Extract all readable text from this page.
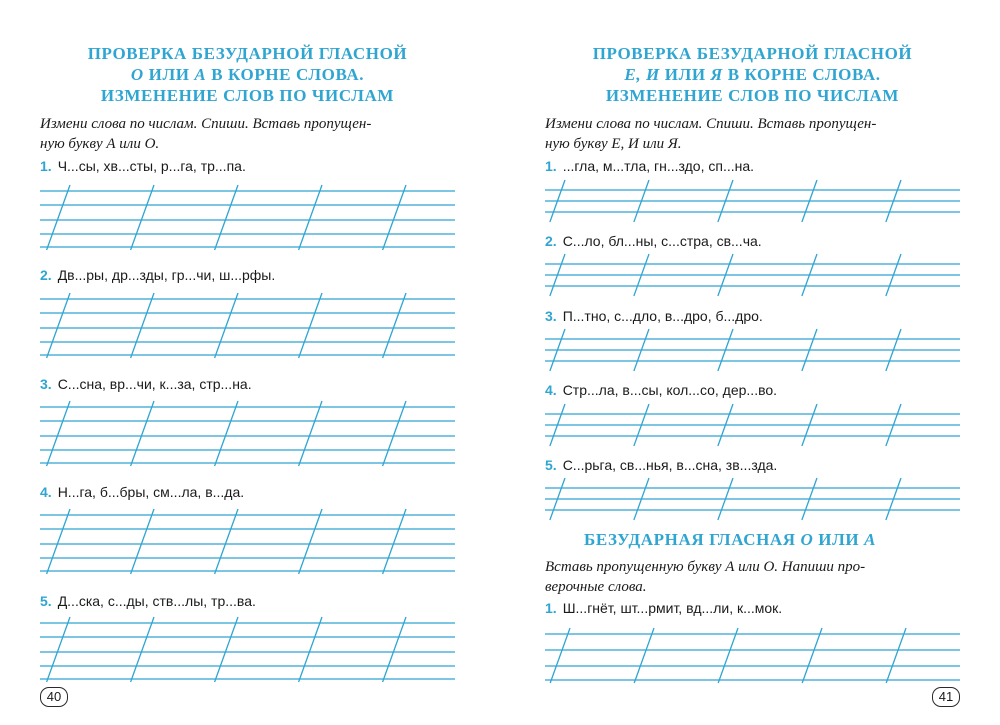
ПРОВЕРКА БЕЗУДАРНОЙ ГЛАСНОЙ
О ИЛИ А В КОРНЕ СЛОВА.
ИЗМЕНЕНИЕ СЛОВ ПО ЧИСЛАМ
Измени слова по числам. Спиши. Вставь пропущен-
ную букву А или О.
1. Ч...сы, хв...сты, р...га, тр...па.
2. Дв...ры, др...зды, гр...чи, ш...рфы.
3. С...сна, вр...чи, к...за, стр...на.
4. Н...га, б...бры, см...ла, в...да.
5. Д...ска, с...ды, ств...лы, тр...ва.
40
ПРОВЕРКА БЕЗУДАРНОЙ ГЛАСНОЙ
Е, И ИЛИ Я В КОРНЕ СЛОВА.
ИЗМЕНЕНИЕ СЛОВ ПО ЧИСЛАМ
Измени слова по числам. Спиши. Вставь пропущен-
ную букву Е, И или Я.
1. ...гла, м...тла, гн...здо, сп...на.
2. С...ло, бл...ны, с...стра, св...ча.
3. П...тно, с...дло, в...дро, б...дро.
4. Стр...ла, в...сы, кол...со, дер...во.
5. С...рьга, св...нья, в...сна, зв...зда.
БЕЗУДАРНАЯ ГЛАСНАЯ О ИЛИ А
Вставь пропущенную букву А или О. Напиши про-
верочные слова.
1. Ш...гнёт, шт...рмит, вд...ли, к...мок.
41
